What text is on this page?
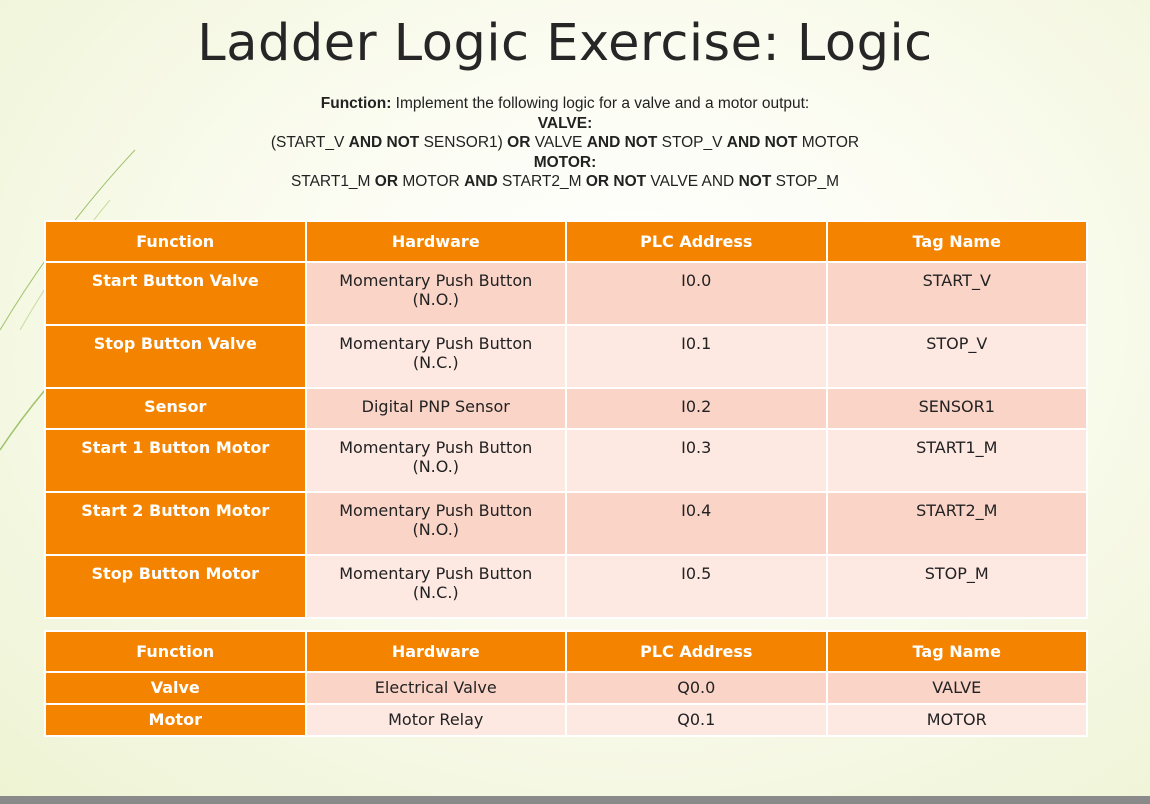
Ladder Logic Exercise: Logic
Function: Implement the following logic for a valve and a motor output:
VALVE:
(START_V AND NOT SENSOR1) OR VALVE AND NOT STOP_V AND NOT MOTOR
MOTOR:
START1_M OR MOTOR AND START2_M OR NOT VALVE AND NOT STOP_M
Function	Hardware	PLC Address	Tag Name
Start Button Valve	Momentary Push Button
(N.O.)	I0.0	START_V
Stop Button Valve	Momentary Push Button
(N.C.)	I0.1	STOP_V
Sensor	Digital PNP Sensor	I0.2	SENSOR1
Start 1 Button Motor	Momentary Push Button
(N.O.)	I0.3	START1_M
Start 2 Button Motor	Momentary Push Button
(N.O.)	I0.4	START2_M
Stop Button Motor	Momentary Push Button
(N.C.)	I0.5	STOP_M
Function	Hardware	PLC Address	Tag Name
Valve	Electrical Valve	Q0.0	VALVE
Motor	Motor Relay	Q0.1	MOTOR
